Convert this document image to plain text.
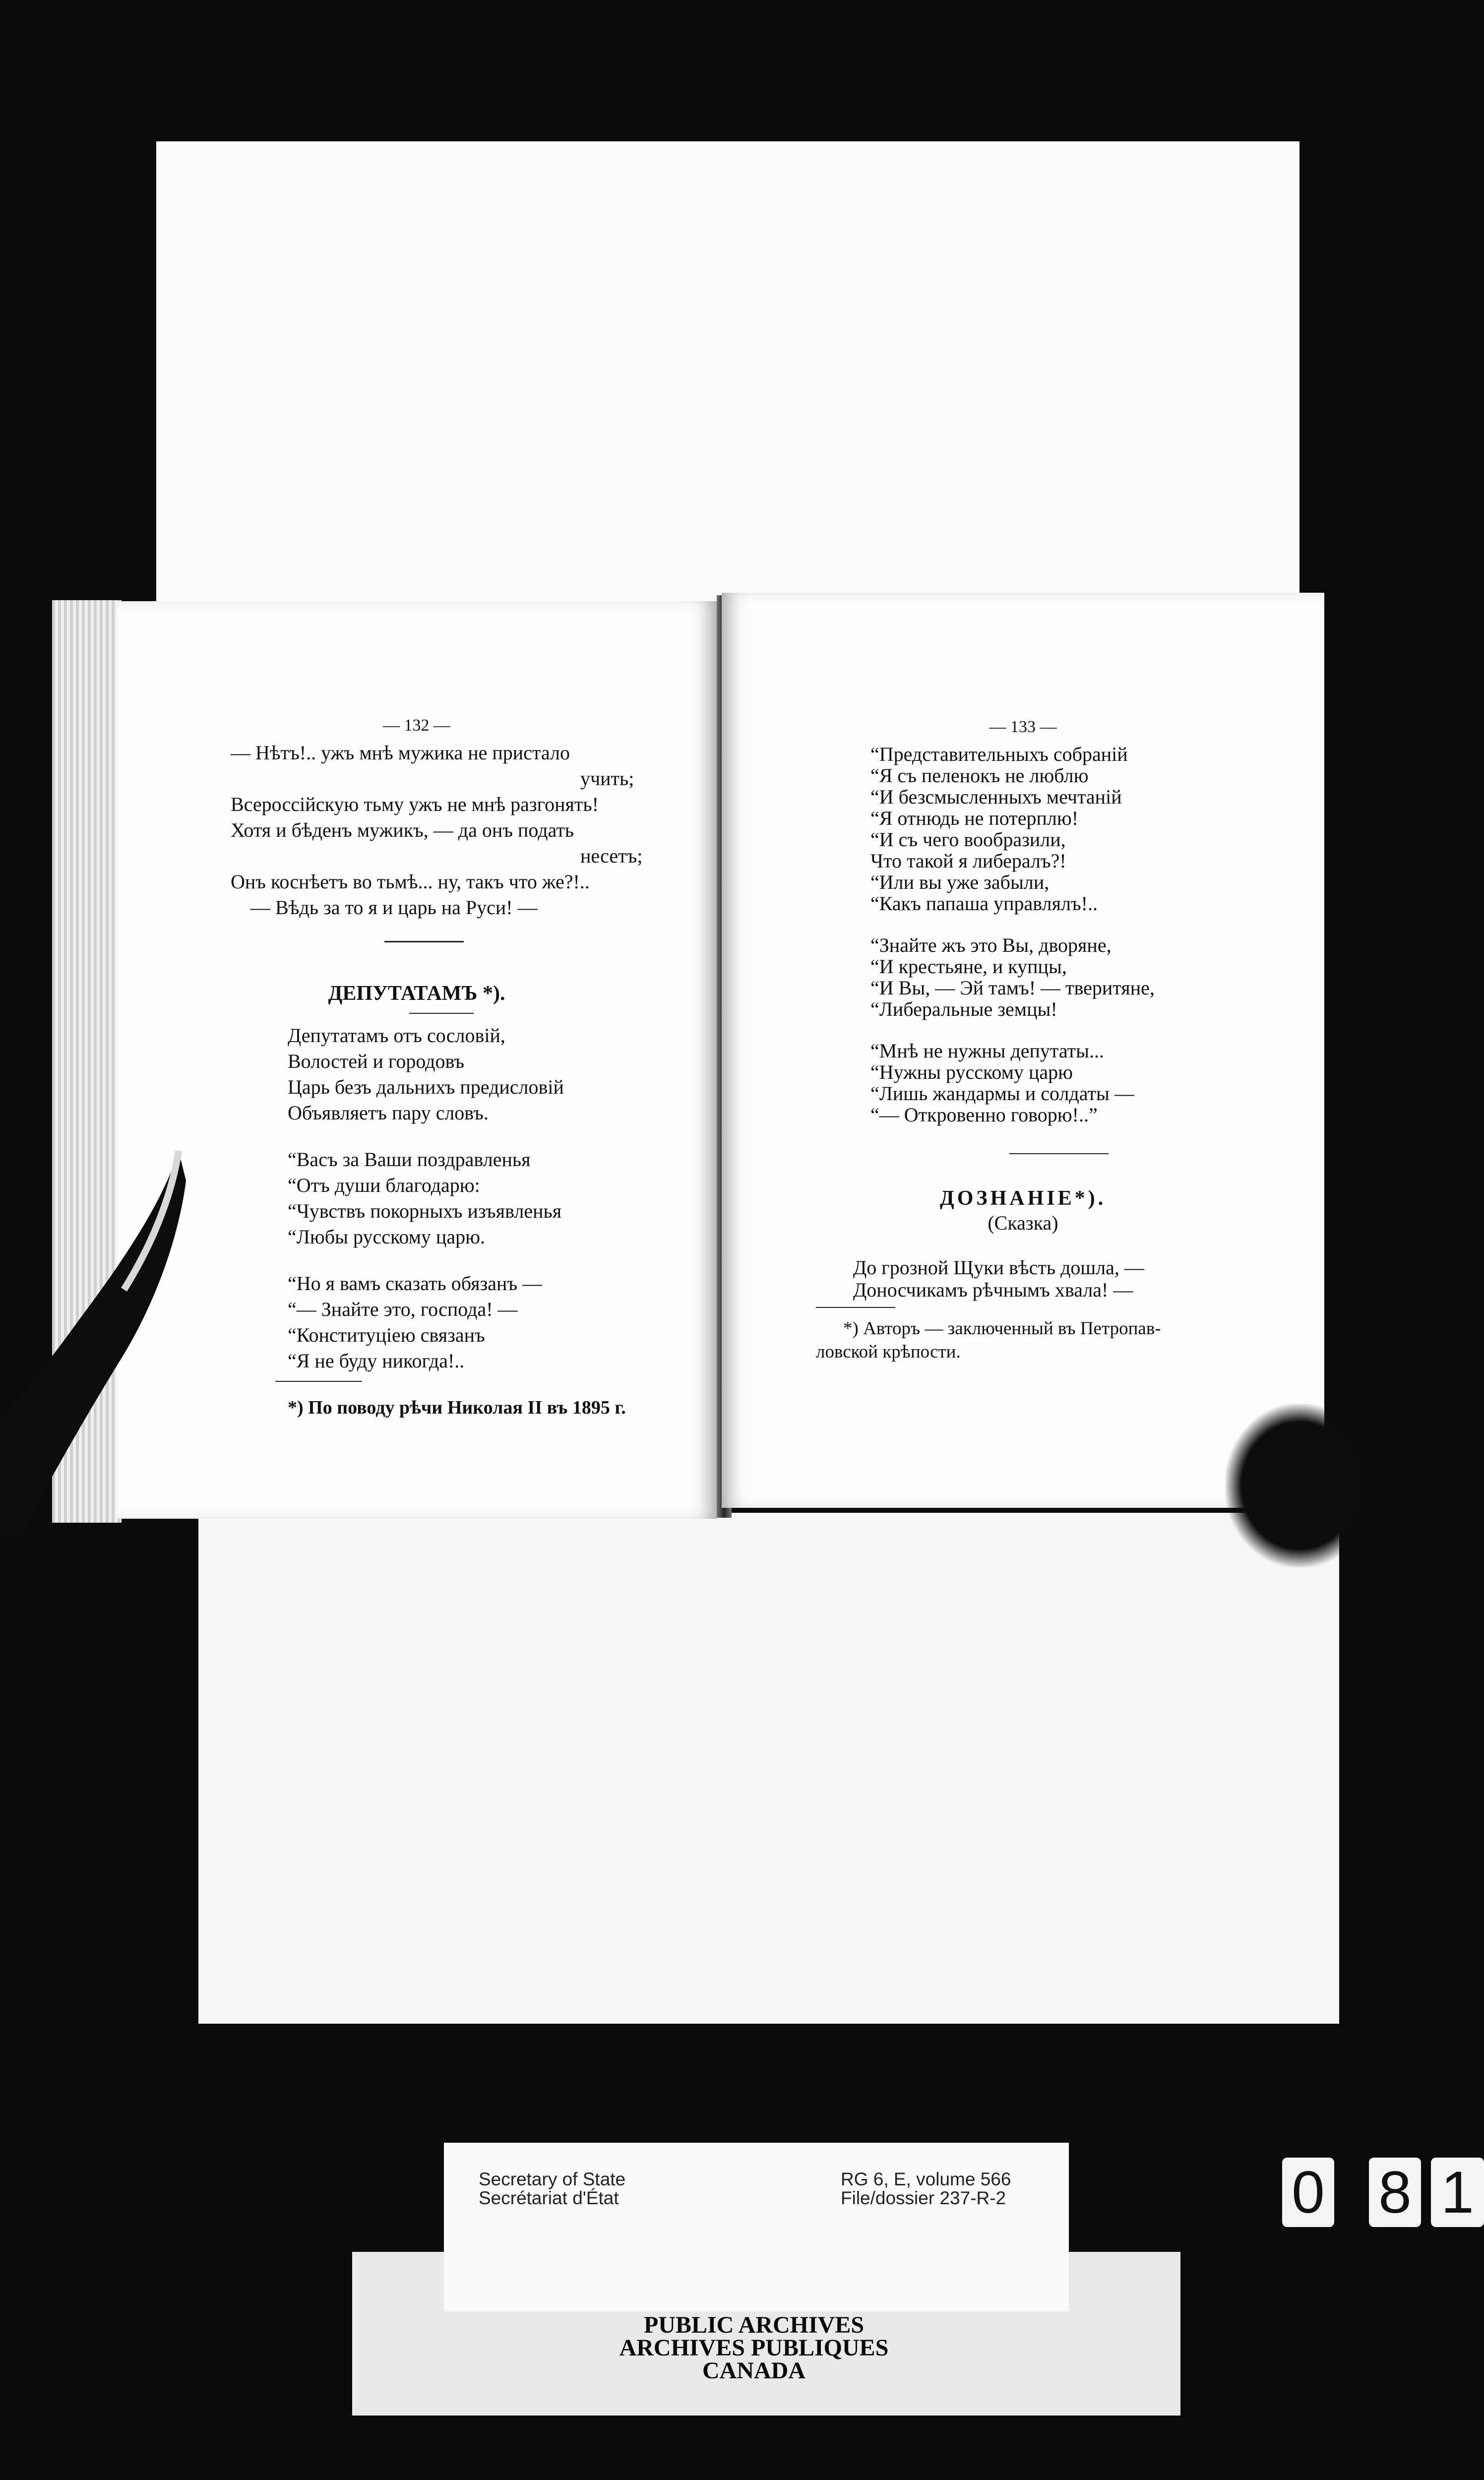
— 132 —
— Нѣтъ!.. ужъ мнѣ мужика не пристало
учить;
Всероссійскую тьму ужъ не мнѣ разгонять!
Хотя и бѣденъ мужикъ, — да онъ подать
несетъ;
Онъ коснѣетъ во тьмѣ... ну, такъ что же?!..
— Вѣдь за то я и царь на Руси! —
ДЕПУТАТАМЪ *).
Депутатамъ отъ сословій,
Волостей и городовъ
Царь безъ дальнихъ предисловій
Объявляетъ пару словъ.
“Васъ за Ваши поздравленья
“Отъ души благодарю:
“Чувствъ покорныхъ изъявленья
“Любы русскому царю.
“Но я вамъ сказать обязанъ —
“— Знайте это, господа! —
“Конституціею связанъ
“Я не буду никогда!..
*) По поводу рѣчи Николая II въ 1895 г.
— 133 —
“Представительныхъ собраній
“Я съ пеленокъ не люблю
“И безсмысленныхъ мечтаній
“Я отнюдь не потерплю!
“И съ чего вообразили,
Что такой я либералъ?!
“Или вы уже забыли,
“Какъ папаша управлялъ!..
“Знайте жъ это Вы, дворяне,
“И крестьяне, и купцы,
“И Вы, — Эй тамъ! — тверитяне,
“Либеральные земцы!
“Мнѣ не нужны депутаты...
“Нужны русскому царю
“Лишь жандармы и солдаты —
“— Откровенно говорю!..”
ДОЗНАНІЕ*).
(Сказка)
До грозной Щуки вѣсть дошла, —
Доносчикамъ рѣчнымъ хвала! —
*) Авторъ — заключенный въ Петропав-
ловской крѣпости.
Secretary of State
Secrétariat d'État
RG 6, E, volume 566
File/dossier 237-R-2
PUBLIC ARCHIVES
ARCHIVES PUBLIQUES
CANADA
0 8 1
